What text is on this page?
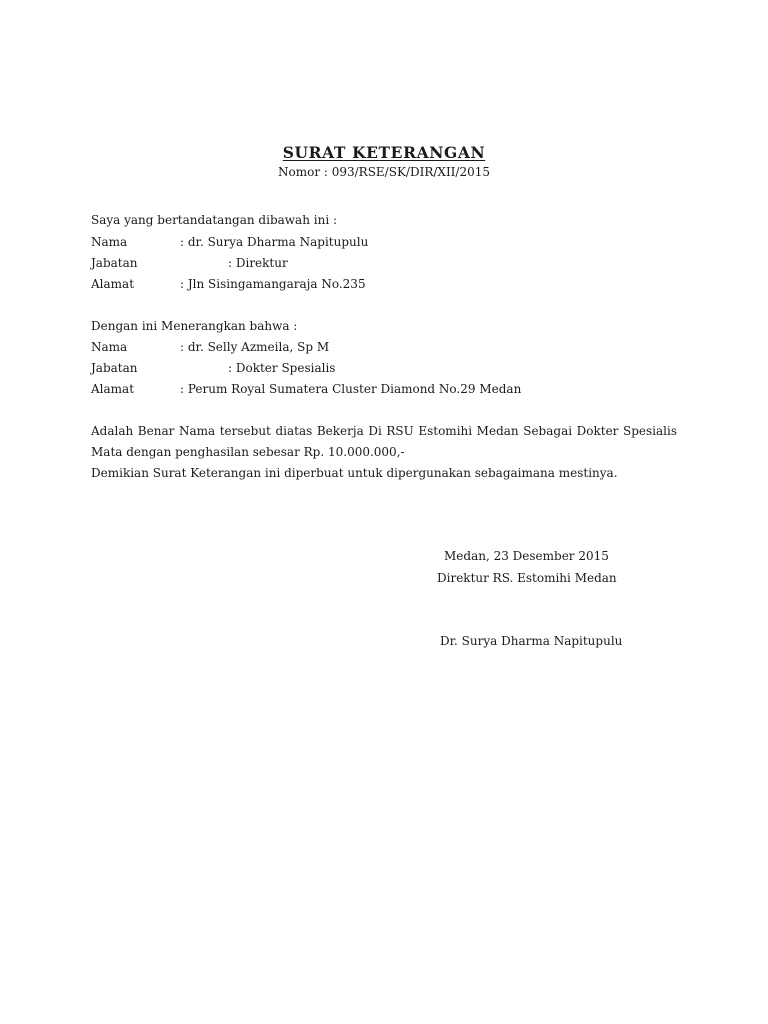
SURAT KETERANGAN
Nomor : 093/RSE/SK/DIR/XII/2015
Saya yang bertandatangan dibawah ini :
Nama	: dr. Surya Dharma Napitupulu
Jabatan	: Direktur
Alamat	: Jln Sisingamangaraja No.235
Dengan ini Menerangkan bahwa :
Nama	: dr. Selly Azmeila, Sp M
Jabatan	: Dokter Spesialis
Alamat	: Perum Royal Sumatera Cluster Diamond No.29 Medan
Adalah Benar Nama tersebut diatas Bekerja Di RSU Estomihi Medan Sebagai Dokter Spesialis
Mata dengan penghasilan sebesar Rp. 10.000.000,-
Demikian Surat Keterangan ini diperbuat untuk dipergunakan sebagaimana mestinya.
Medan, 23 Desember 2015
Direktur RS. Estomihi Medan
Dr. Surya Dharma Napitupulu
